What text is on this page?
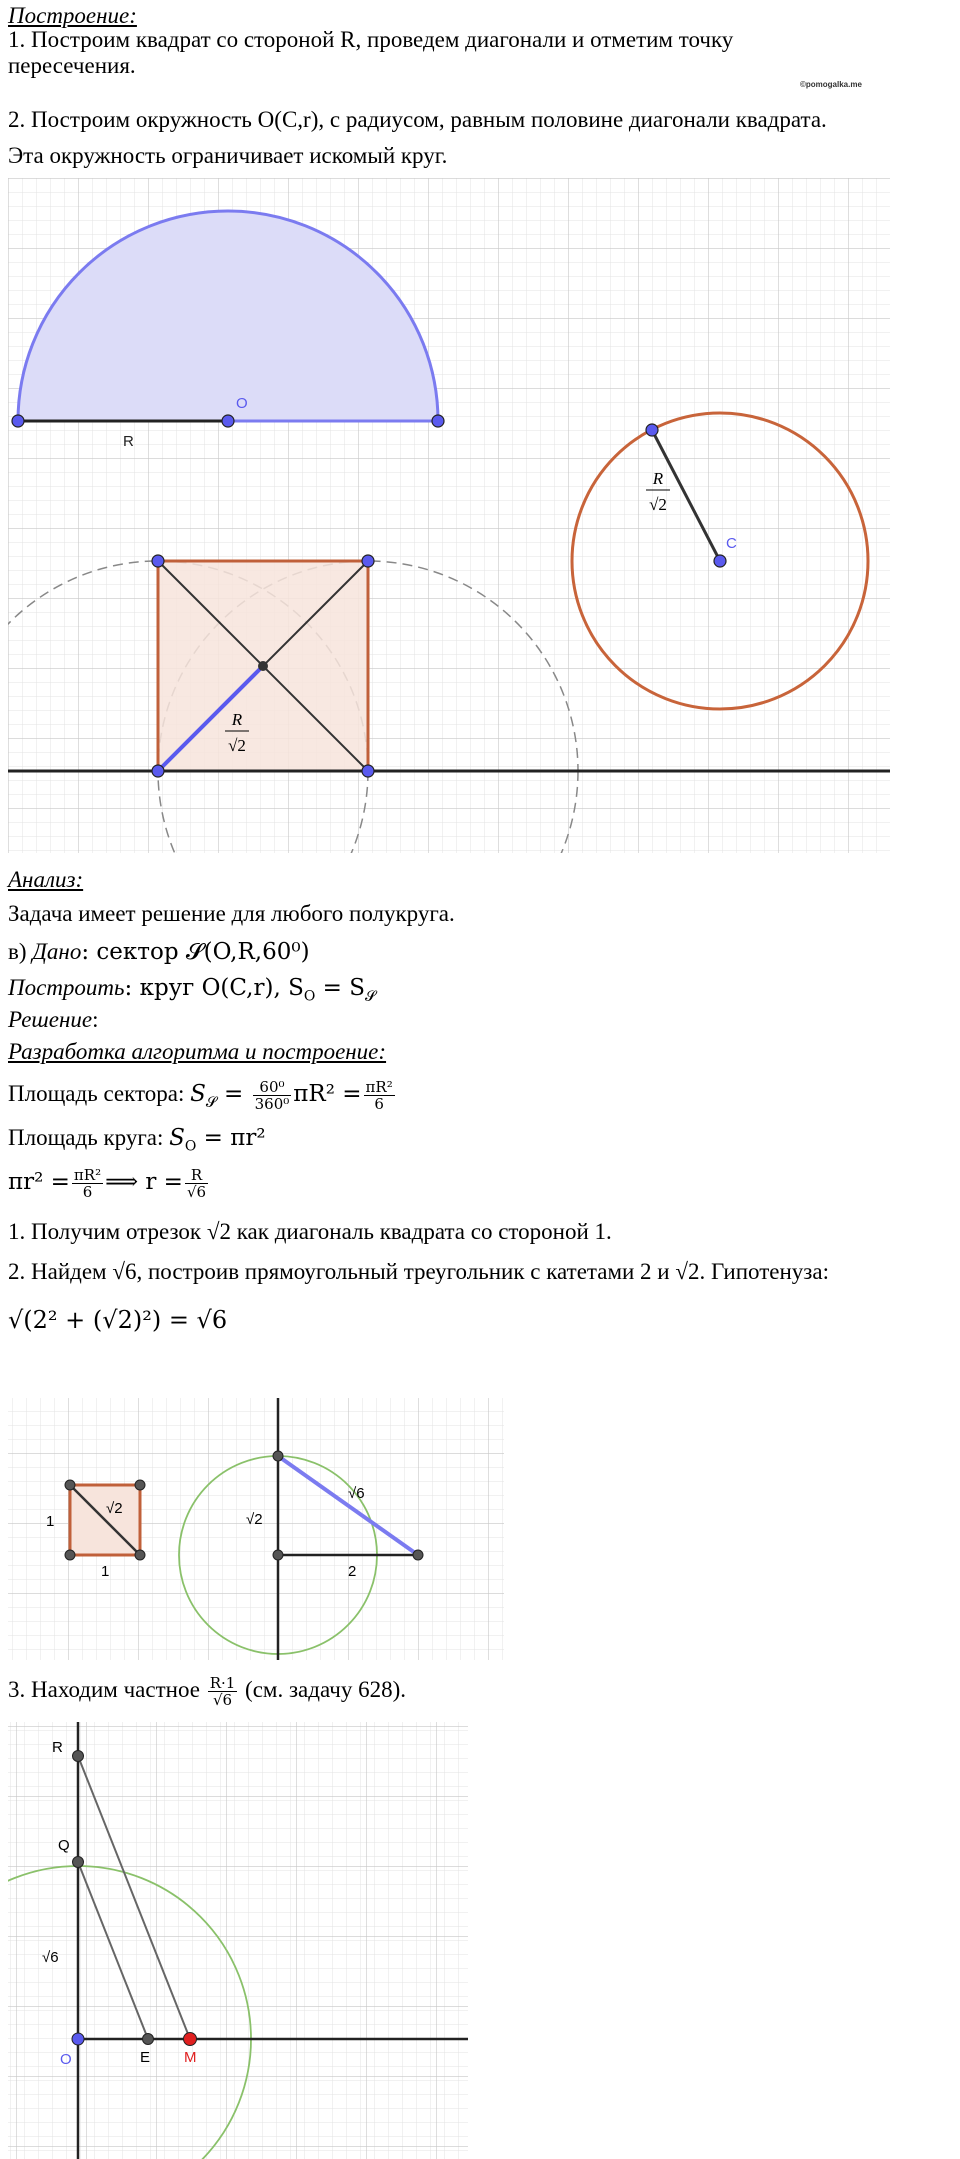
Построение:
1. Построим квадрат со стороной R, проведем диагонали и отметим точку
пересечения.
©pomogalka.me
2. Построим окружность O(C,r), с радиусом, равным половине диагонали квадрата.
Эта окружность ограничивает искомый круг.
O
R
C
R
√2
R
√2
Анализ:
Задача имеет решение для любого полукруга.
в) Дано: сектор 𝓢(O,R,60⁰)
Построить: круг O(C,r), $S_O = S_𝓢$
Решение:
Разработка алгоритма и построение:
Площадь сектора: $S_𝓢 = \frac{\text{60⁰}}{\text{360⁰}} \pi R^2 = \frac{\text{πR²}}{6}$
Площадь круга: $S_O = \pi r^2$
$\pi r^2 = \frac{\text{πR²}}{6}$ ⟹ $r = \frac{R}{√6}$
1. Получим отрезок √2 как диагональ квадрата со стороной 1.
2. Найдем √6, построив прямоугольный треугольник с катетами 2 и √2. Гипотенуза:
√(2² + (√2)²) = √6
1
1
√2
√2
2
√6
3. Находим частное $\frac{R\cdot 1}{√6} (см$. задачу 628).
R
Q
O	E M
√6
